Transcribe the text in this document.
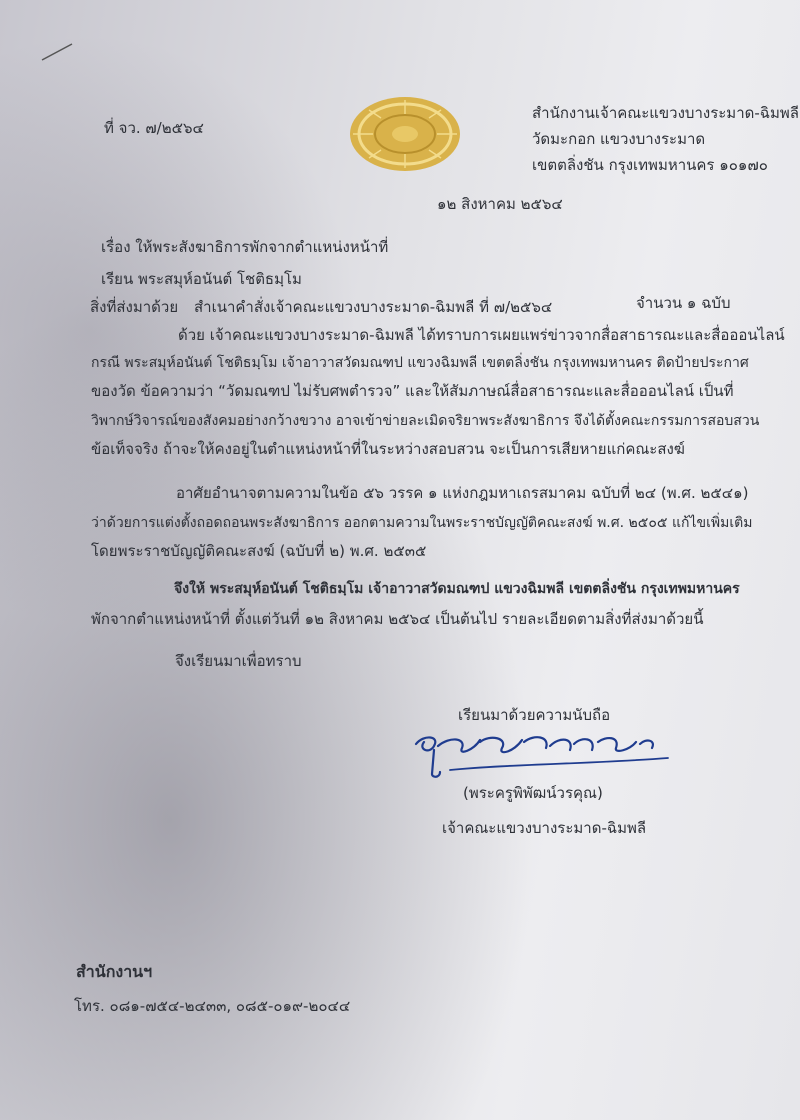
ที่ จว. ๗/๒๕๖๔
สำนักงานเจ้าคณะแขวงบางระมาด-ฉิมพลี
วัดมะกอก แขวงบางระมาด
เขตตลิ่งชัน กรุงเทพมหานคร ๑๐๑๗๐
๑๒ สิงหาคม ๒๕๖๔
เรื่อง ให้พระสังฆาธิการพักจากตำแหน่งหน้าที่
เรียน พระสมุห์อนันต์ โชติธมฺโม
สิ่งที่ส่งมาด้วย สำเนาคำสั่งเจ้าคณะแขวงบางระมาด-ฉิมพลี ที่ ๗/๒๕๖๔	จำนวน ๑ ฉบับ
ด้วย เจ้าคณะแขวงบางระมาด-ฉิมพลี ได้ทราบการเผยแพร่ข่าวจากสื่อสาธารณะและสื่อออนไลน์
กรณี พระสมุห์อนันต์ โชติธมฺโม เจ้าอาวาสวัดมณฑป แขวงฉิมพลี เขตตลิ่งชัน กรุงเทพมหานคร ติดป้ายประกาศ
ของวัด ข้อความว่า “วัดมณฑป ไม่รับศพตำรวจ” และให้สัมภาษณ์สื่อสาธารณะและสื่อออนไลน์ เป็นที่
วิพากษ์วิจารณ์ของสังคมอย่างกว้างขวาง อาจเข้าข่ายละเมิดจริยาพระสังฆาธิการ จึงได้ตั้งคณะกรรมการสอบสวน
ข้อเท็จจริง ถ้าจะให้คงอยู่ในตำแหน่งหน้าที่ในระหว่างสอบสวน จะเป็นการเสียหายแก่คณะสงฆ์
อาศัยอำนาจตามความในข้อ ๕๖ วรรค ๑ แห่งกฎมหาเถรสมาคม ฉบับที่ ๒๔ (พ.ศ. ๒๕๔๑)
ว่าด้วยการแต่งตั้งถอดถอนพระสังฆาธิการ ออกตามความในพระราชบัญญัติคณะสงฆ์ พ.ศ. ๒๕๐๕ แก้ไขเพิ่มเติม
โดยพระราชบัญญัติคณะสงฆ์ (ฉบับที่ ๒) พ.ศ. ๒๕๓๕
จึงให้ พระสมุห์อนันต์ โชติธมฺโม เจ้าอาวาสวัดมณฑป แขวงฉิมพลี เขตตลิ่งชัน กรุงเทพมหานคร
พักจากตำแหน่งหน้าที่ ตั้งแต่วันที่ ๑๒ สิงหาคม ๒๕๖๔ เป็นต้นไป รายละเอียดตามสิ่งที่ส่งมาด้วยนี้
จึงเรียนมาเพื่อทราบ
เรียนมาด้วยความนับถือ
(พระครูพิพัฒน์วรคุณ)
เจ้าคณะแขวงบางระมาด-ฉิมพลี
สำนักงานฯ
โทร. ๐๘๑-๗๕๔-๒๔๓๓, ๐๘๕-๐๑๙-๒๐๔๔
